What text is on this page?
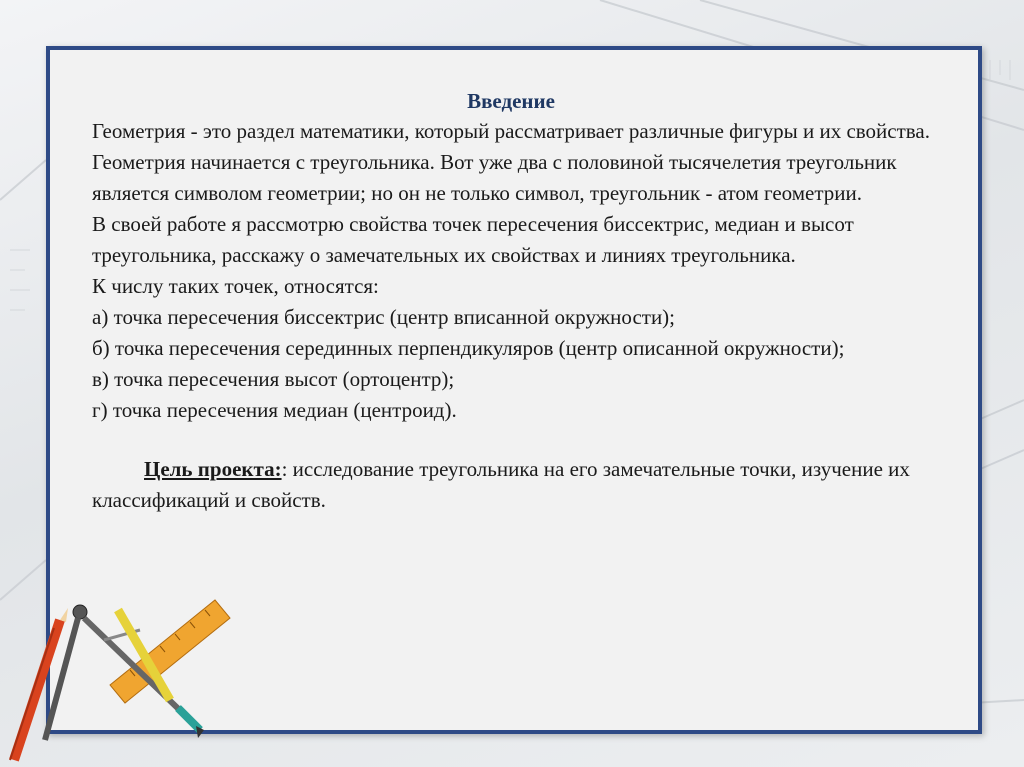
Введение

Геометрия - это раздел математики, который рассматривает различные фигуры и их свойства. Геометрия начинается с треугольника. Вот уже два с половиной тысячелетия треугольник является символом геометрии; но он не только символ, треугольник - атом геометрии.

В своей работе я рассмотрю свойства точек пересечения биссектрис, медиан и высот треугольника, расскажу о замечательных их свойствах и линиях треугольника.

К числу таких точек, относятся:

а) точка пересечения биссектрис (центр вписанной окружности);

б) точка пересечения серединных перпендикуляров (центр описанной окружности);

в) точка пересечения высот (ортоцентр);

г) точка пересечения медиан (центроид).

Цель проекта:: исследование треугольника на его замечательные точки, изучение их классификаций и свойств.
